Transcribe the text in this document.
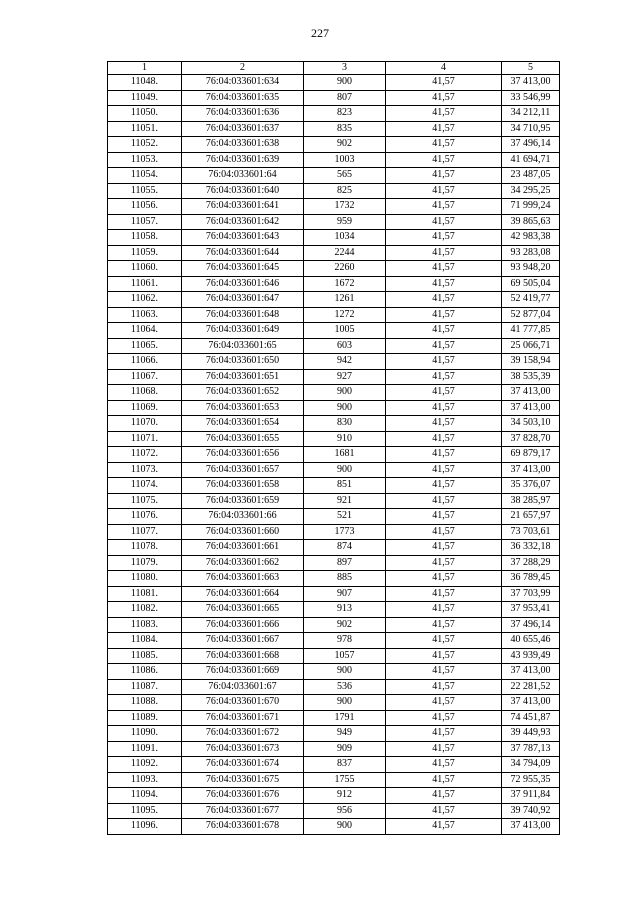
227
1	2	3	4	5
11048.	76:04:033601:634	900	41,57	37 413,00
11049.	76:04:033601:635	807	41,57	33 546,99
11050.	76:04:033601:636	823	41,57	34 212,11
11051.	76:04:033601:637	835	41,57	34 710,95
11052.	76:04:033601:638	902	41,57	37 496,14
11053.	76:04:033601:639	1003	41,57	41 694,71
11054.	76:04:033601:64	565	41,57	23 487,05
11055.	76:04:033601:640	825	41,57	34 295,25
11056.	76:04:033601:641	1732	41,57	71 999,24
11057.	76:04:033601:642	959	41,57	39 865,63
11058.	76:04:033601:643	1034	41,57	42 983,38
11059.	76:04:033601:644	2244	41,57	93 283,08
11060.	76:04:033601:645	2260	41,57	93 948,20
11061.	76:04:033601:646	1672	41,57	69 505,04
11062.	76:04:033601:647	1261	41,57	52 419,77
11063.	76:04:033601:648	1272	41,57	52 877,04
11064.	76:04:033601:649	1005	41,57	41 777,85
11065.	76:04:033601:65	603	41,57	25 066,71
11066.	76:04:033601:650	942	41,57	39 158,94
11067.	76:04:033601:651	927	41,57	38 535,39
11068.	76:04:033601:652	900	41,57	37 413,00
11069.	76:04:033601:653	900	41,57	37 413,00
11070.	76:04:033601:654	830	41,57	34 503,10
11071.	76:04:033601:655	910	41,57	37 828,70
11072.	76:04:033601:656	1681	41,57	69 879,17
11073.	76:04:033601:657	900	41,57	37 413,00
11074.	76:04:033601:658	851	41,57	35 376,07
11075.	76:04:033601:659	921	41,57	38 285,97
11076.	76:04:033601:66	521	41,57	21 657,97
11077.	76:04:033601:660	1773	41,57	73 703,61
11078.	76:04:033601:661	874	41,57	36 332,18
11079.	76:04:033601:662	897	41,57	37 288,29
11080.	76:04:033601:663	885	41,57	36 789,45
11081.	76:04:033601:664	907	41,57	37 703,99
11082.	76:04:033601:665	913	41,57	37 953,41
11083.	76:04:033601:666	902	41,57	37 496,14
11084.	76:04:033601:667	978	41,57	40 655,46
11085.	76:04:033601:668	1057	41,57	43 939,49
11086.	76:04:033601:669	900	41,57	37 413,00
11087.	76:04:033601:67	536	41,57	22 281,52
11088.	76:04:033601:670	900	41,57	37 413,00
11089.	76:04:033601:671	1791	41,57	74 451,87
11090.	76:04:033601:672	949	41,57	39 449,93
11091.	76:04:033601:673	909	41,57	37 787,13
11092.	76:04:033601:674	837	41,57	34 794,09
11093.	76:04:033601:675	1755	41,57	72 955,35
11094.	76:04:033601:676	912	41,57	37 911,84
11095.	76:04:033601:677	956	41,57	39 740,92
11096.	76:04:033601:678	900	41,57	37 413,00
